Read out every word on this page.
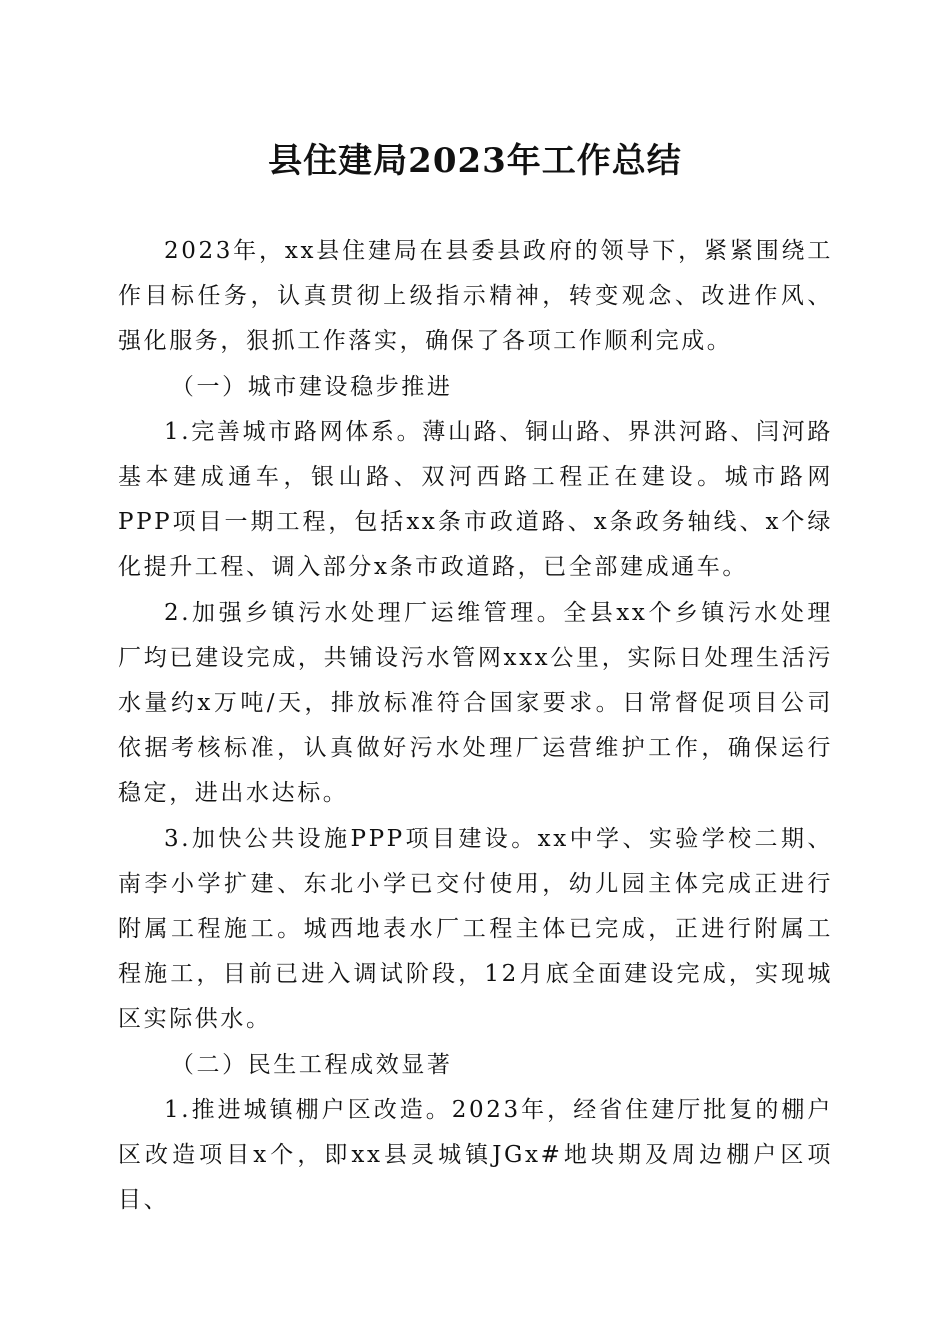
县住建局2023年工作总结

2023年，xx县住建局在县委县政府的领导下，紧紧围绕工作目标任务，认真贯彻上级指示精神，转变观念、改进作风、强化服务，狠抓工作落实，确保了各项工作顺利完成。

（一）城市建设稳步推进

1.完善城市路网体系。薄山路、铜山路、界洪河路、闫河路基本建成通车，银山路、双河西路工程正在建设。城市路网PPP项目一期工程，包括xx条市政道路、x条政务轴线、x个绿化提升工程、调入部分x条市政道路，已全部建成通车。

2.加强乡镇污水处理厂运维管理。全县xx个乡镇污水处理厂均已建设完成，共铺设污水管网xxx公里，实际日处理生活污水量约x万吨/天，排放标准符合国家要求。日常督促项目公司依据考核标准，认真做好污水处理厂运营维护工作，确保运行稳定，进出水达标。

3.加快公共设施PPP项目建设。xx中学、实验学校二期、南李小学扩建、东北小学已交付使用，幼儿园主体完成正进行附属工程施工。城西地表水厂工程主体已完成，正进行附属工程施工，目前已进入调试阶段，12月底全面建设完成，实现城区实际供水。

（二）民生工程成效显著

1.推进城镇棚户区改造。2023年，经省住建厅批复的棚户区改造项目x个，即xx县灵城镇JGx#地块期及周边棚户区项目、
